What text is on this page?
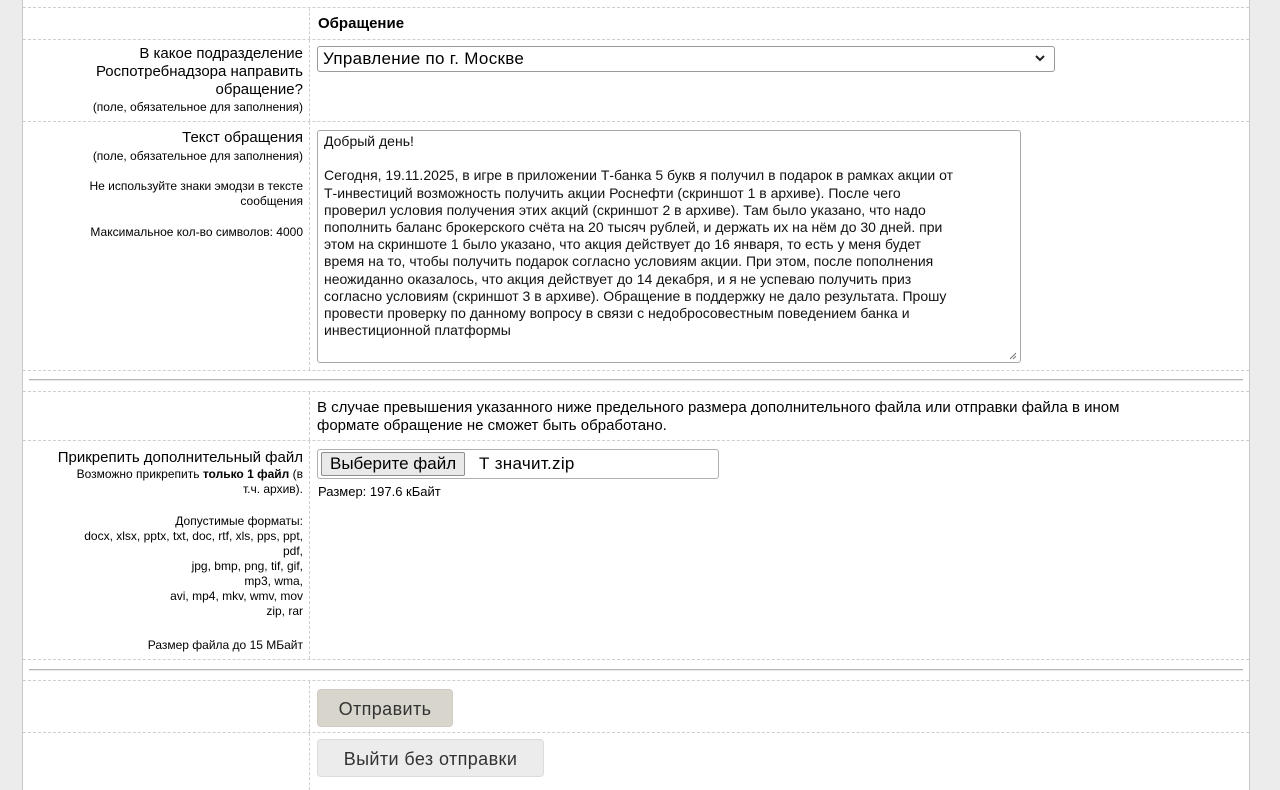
Обращение
В какое подразделение
Роспотребнадзора направить
обращение?
(поле, обязательное для заполнения)
Управление по г. Москве
Текст обращения
(поле, обязательное для заполнения)
Не используйте знаки эмодзи в тексте
сообщения
Максимальное кол-во символов: 4000
Добрый день!

Сегодня, 19.11.2025, в игре в приложении Т-банка 5 букв я получил в подарок в рамках акции от
Т-инвестиций возможность получить акции Роснефти (скриншот 1 в архиве). После чего
проверил условия получения этих акций (скриншот 2 в архиве). Там было указано, что надо
пополнить баланс брокерского счёта на 20 тысяч рублей, и держать их на нём до 30 дней. при
этом на скриншоте 1 было указано, что акция действует до 16 января, то есть у меня будет
время на то, чтобы получить подарок согласно условиям акции. При этом, после пополнения
неожиданно оказалось, что акция действует до 14 декабря, и я не успеваю получить приз
согласно условиям (скриншот 3 в архиве). Обращение в поддержку не дало результата. Прошу
провести проверку по данному вопросу в связи с недобросовестным поведением банка и
инвестиционной платформы
В случае превышения указанного ниже предельного размера дополнительного файла или отправки файла в ином
формате обращение не сможет быть обработано.
Прикрепить дополнительный файл
Возможно прикрепить только 1 файл (в
т.ч. архив).
Допустимые форматы:
docx, xlsx, pptx, txt, doc, rtf, xls, pps, ppt,
pdf,
jpg, bmp, png, tif, gif,
mp3, wma,
avi, mp4, mkv, wmv, mov
zip, rar
Размер файла до 15 МБайт
Выберите файл	Т значит.zip
Размер: 197.6 кБайт
Отправить
Выйти без отправки
